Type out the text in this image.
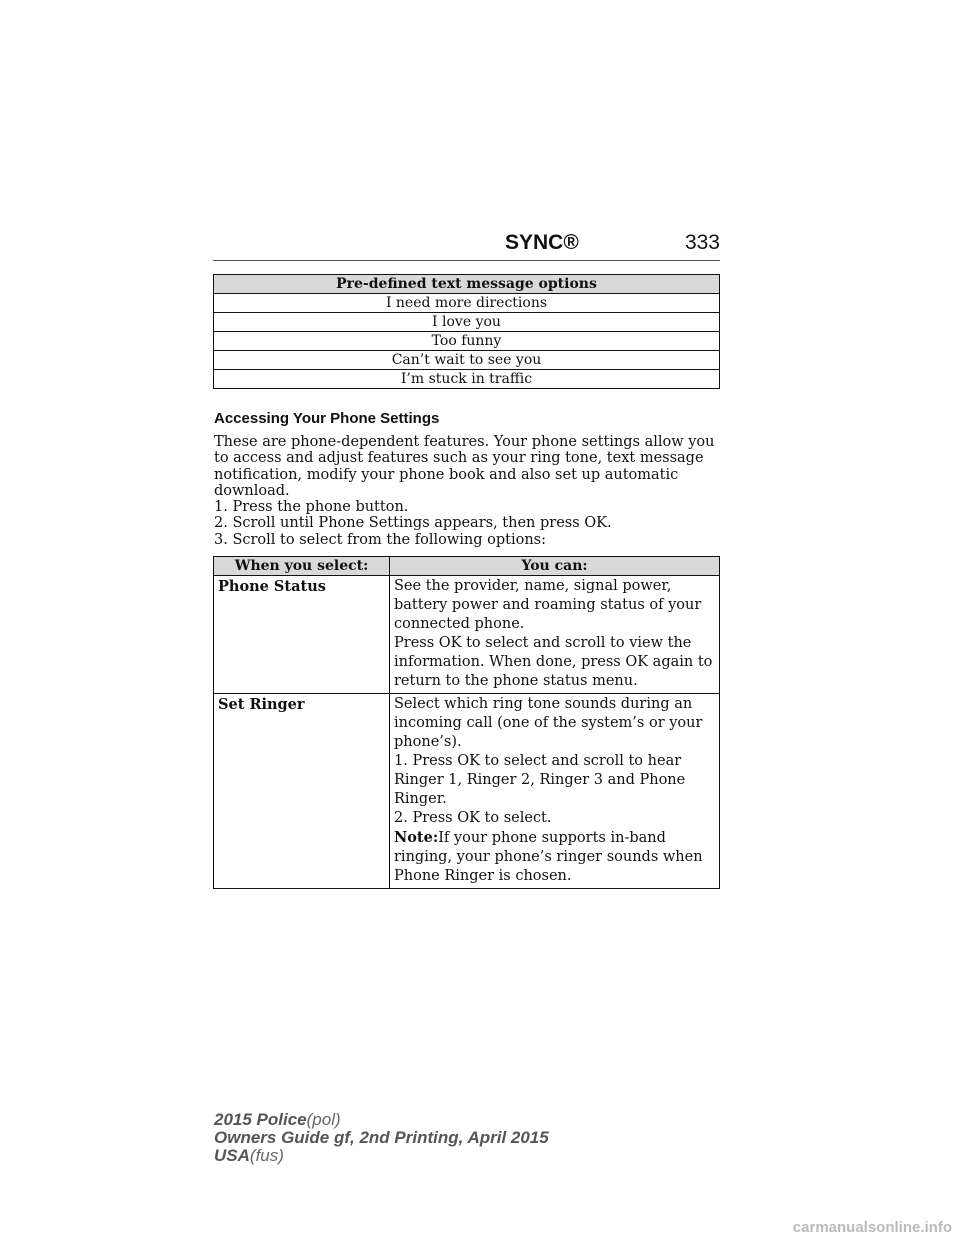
SYNC®	333
Pre-defined text message options
I need more directions
I love you
Too funny
Can’t wait to see you
I’m stuck in traffic
Accessing Your Phone Settings

These are phone-dependent features. Your phone settings allow you to access and adjust features such as your ring tone, text message notification, modify your phone book and also set up automatic download.

1. Press the phone button.

2. Scroll until Phone Settings appears, then press OK.

3. Scroll to select from the following options:

When you select:	You can:
Phone Status	See the provider, name, signal power, battery power and roaming status of your connected phone.

Press OK to select and scroll to view the information. When done, press OK again to return to the phone status menu.

Set Ringer	Select which ring tone sounds during an incoming call (one of the system’s or your phone’s).

1. Press OK to select and scroll to hear Ringer 1, Ringer 2, Ringer 3 and Phone Ringer.

2. Press OK to select.

Note:If your phone supports in-band ringing, your phone’s ringer sounds when Phone Ringer is chosen.

2015 Police(pol)
Owners Guide gf, 2nd Printing, April 2015
USA(fus)
carmanualsonline.info
